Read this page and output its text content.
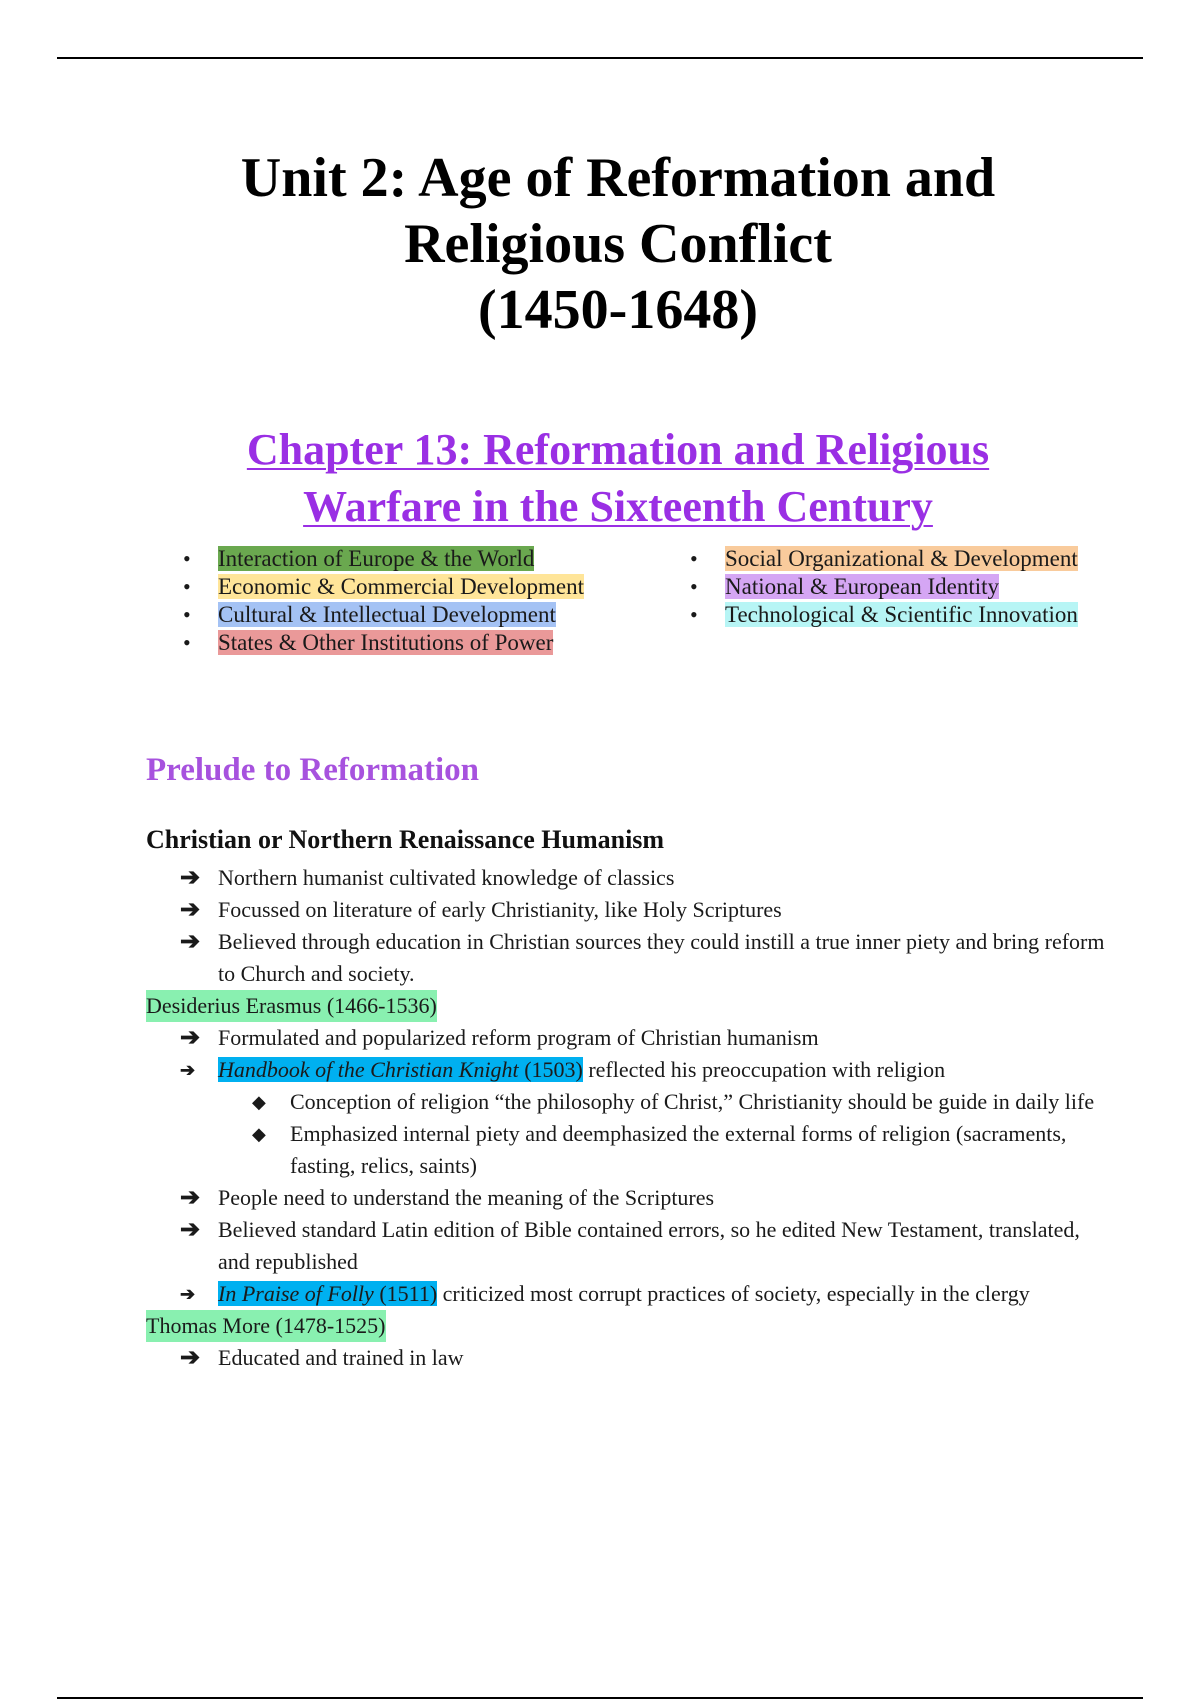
Unit 2: Age of Reformation and
Religious Conflict
(1450-1648)
Chapter 13: Reformation and Religious
Warfare in the Sixteenth Century
• Interaction of Europe & the World
• Economic & Commercial Development
• Cultural & Intellectual Development
• States & Other Institutions of Power
• Social Organizational & Development
• National & European Identity
• Technological & Scientific Innovation
Prelude to Reformation
Christian or Northern Renaissance Humanism
➔ Northern humanist cultivated knowledge of classics
➔ Focussed on literature of early Christianity, like Holy Scriptures
➔ Believed through education in Christian sources they could instill a true inner piety and bring reform to Church and society.
Desiderius Erasmus (1466-1536)
➔ Formulated and popularized reform program of Christian humanism
➔ Handbook of the Christian Knight (1503) reflected his preoccupation with religion
◆ Conception of religion “the philosophy of Christ,” Christianity should be guide in daily life
◆ Emphasized internal piety and deemphasized the external forms of religion (sacraments, fasting, relics, saints)
➔ People need to understand the meaning of the Scriptures
➔ Believed standard Latin edition of Bible contained errors, so he edited New Testament, translated, and republished
➔ In Praise of Folly (1511) criticized most corrupt practices of society, especially in the clergy
Thomas More (1478-1525)
➔ Educated and trained in law
